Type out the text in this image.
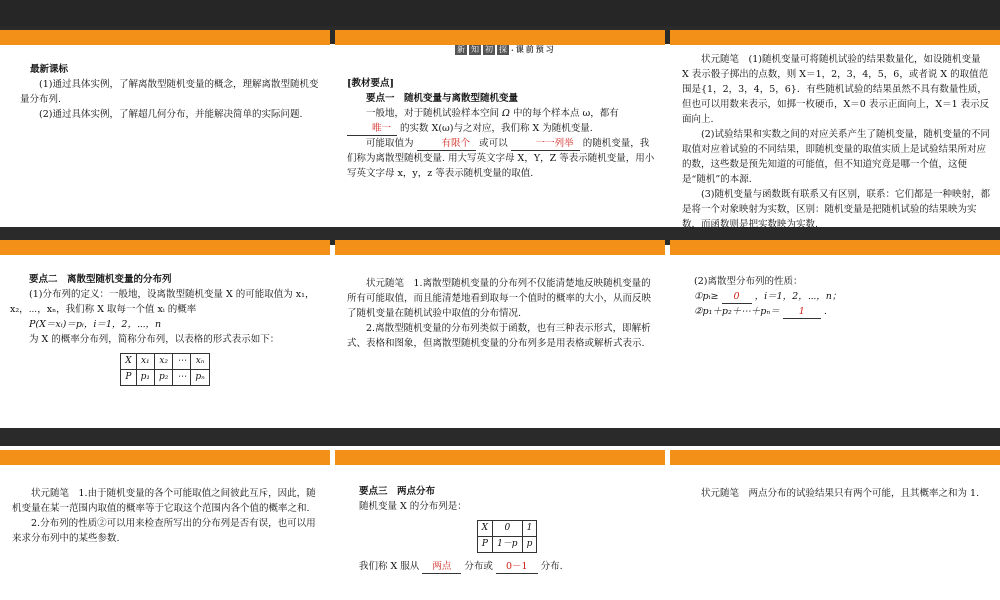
最新课标
(1)通过具体实例，了解离散型随机变量的概念，理解离散型随机变量分布列.
(2)通过具体实例，了解超几何分布，并能解决简单的实际问题.
新 知 初 探 · 课 前 预 习
[教材要点]
要点一　随机变量与离散型随机变量
一般地，对于随机试验样本空间 Ω 中的每个样本点 ω，都有 唯一 的实数 X(ω)与之对应，我们称 X 为随机变量.
可能取值为	有限个 或可以	一一列举 的随机变量，我们称为离散型随机变量. 用大写英文字母 X，Y，Z 等表示随机变量，用小写英文字母 x，y，z 等表示随机变量的取值.
状元随笔　(1)随机变量可将随机试验的结果数量化，如设随机变量 X 表示骰子掷出的点数，则 X＝1，2，3，4，5，6，或者说 X 的取值范围是{1，2，3，4，5，6}．有些随机试验的结果虽然不具有数量性质，但也可以用数来表示，如掷一枚硬币，X＝0 表示正面向上，X＝1 表示反面向上.
(2)试验结果和实数之间的对应关系产生了随机变量，随机变量的不同取值对应着试验的不同结果，即随机变量的取值实质上是试验结果所对应的数，这些数是预先知道的可能值，但不知道究竟是哪一个值，这便是“随机”的本源.
(3)随机变量与函数既有联系又有区别，联系：它们都是一种映射，都是将一个对象映射为实数，区别：随机变量是把随机试验的结果映为实数，而函数则是把实数映为实数.
要点二　离散型随机变量的分布列
(1)分布列的定义：一般地，设离散型随机变量 X 的可能取值为 x₁，x₂，⋯，xₙ，我们称 X 取每一个值 xᵢ 的概率
P(X＝xᵢ)＝pᵢ，i＝1，2，⋯，n
为 X 的概率分布列，简称分布列，以表格的形式表示如下：
X	x₁	x₂	⋯	xₙ
P	p₁	p₂	⋯	pₙ
状元随笔　1.离散型随机变量的分布列不仅能清楚地反映随机变量的所有可能取值，而且能清楚地看到取每一个值时的概率的大小，从而反映了随机变量在随机试验中取值的分布情况.
2.离散型随机变量的分布列类似于函数，也有三种表示形式，即解析式、表格和图象，但离散型随机变量的分布列多是用表格或解析式表示.
(2)离散型分布列的性质：
①pᵢ≥ 0 ，i＝1，2，⋯，n；
②p₁＋p₂＋⋯＋pₙ＝ 1 .
状元随笔　1.由于随机变量的各个可能取值之间彼此互斥，因此，随机变量在某一范围内取值的概率等于它取这个范围内各个值的概率之和.
2.分布列的性质②可以用来检查所写出的分布列是否有误，也可以用来求分布列中的某些参数.
要点三　两点分布
随机变量 X 的分布列是：
X	0	1
P	1－p	p
我们称 X 服从 两点 分布或 0－1 分布.
状元随笔　两点分布的试验结果只有两个可能，且其概率之和为 1.
